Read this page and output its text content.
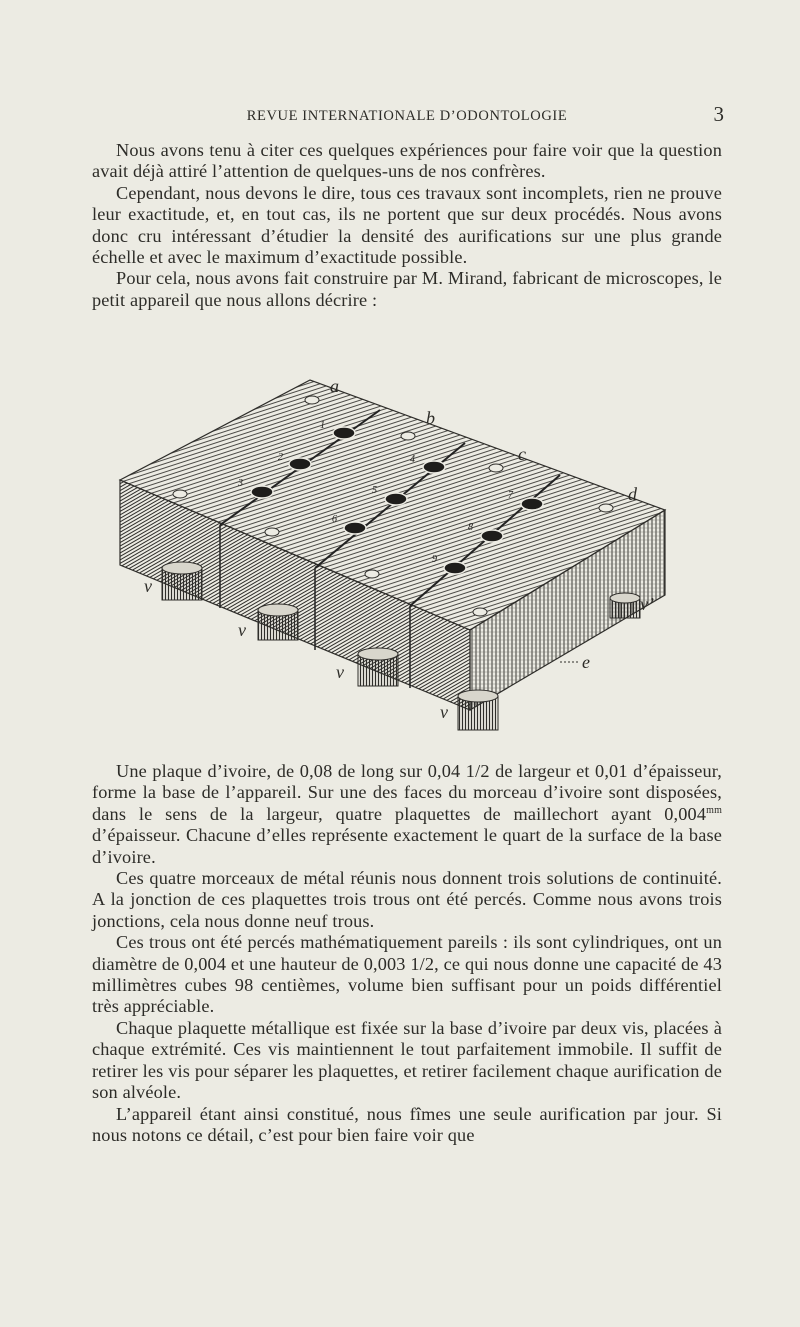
REVUE INTERNATIONALE D’ODONTOLOGIE	3

Nous avons tenu à citer ces quelques expériences pour faire voir que la question avait déjà attiré l’attention de quelques-uns de nos confrères.

Cependant, nous devons le dire, tous ces travaux sont incomplets, rien ne prouve leur exactitude, et, en tout cas, ils ne portent que sur deux procédés. Nous avons donc cru intéressant d’étudier la densité des aurifications sur une plus grande échelle et avec le maximum d’exactitude possible.

Pour cela, nous avons fait construire par M. Mirand, fabricant de microscopes, le petit appareil que nous allons décrire :

1
2
3
4
5
6
7
8
9
a
b
c
d
e
v
v
v
v
v’

Une plaque d’ivoire, de 0,08 de long sur 0,04 1/2 de largeur et 0,01 d’épaisseur, forme la base de l’appareil. Sur une des faces du morceau d’ivoire sont disposées, dans le sens de la largeur, quatre plaquettes de maillechort ayant $0,004^{mm}$ d’épaisseur. Chacune d’elles représente exactement le quart de la surface de la base d’ivoire.

Ces quatre morceaux de métal réunis nous donnent trois solutions de continuité. A la jonction de ces plaquettes trois trous ont été percés. Comme nous avons trois jonctions, cela nous donne neuf trous.

Ces trous ont été percés mathématiquement pareils : ils sont cylindriques, ont un diamètre de 0,004 et une hauteur de 0,003 1/2, ce qui nous donne une capacité de 43 millimètres cubes 98 centièmes, volume bien suffisant pour un poids différentiel très appréciable.

Chaque plaquette métallique est fixée sur la base d’ivoire par deux vis, placées à chaque extrémité. Ces vis maintiennent le tout parfaitement immobile. Il suffit de retirer les vis pour séparer les plaquettes, et retirer facilement chaque aurification de son alvéole.

L’appareil étant ainsi constitué, nous fîmes une seule aurification par jour. Si nous notons ce détail, c’est pour bien faire voir que
